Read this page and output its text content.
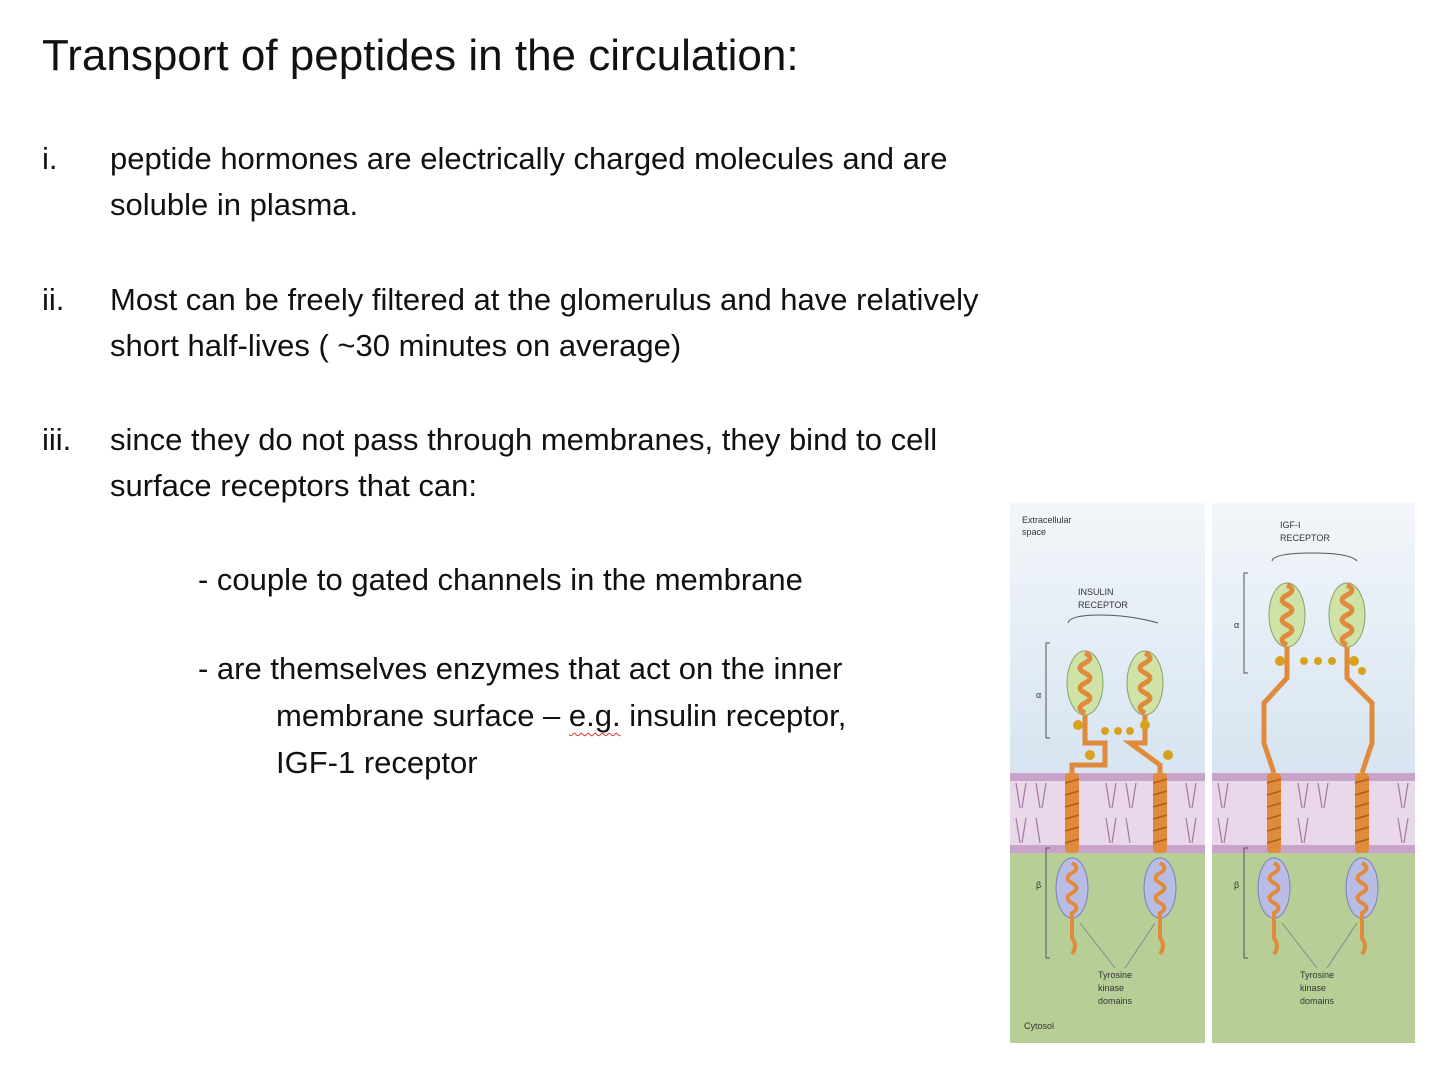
Transport of peptides in the circulation:
i.	peptide hormones are electrically charged molecules and are
soluble in plasma.
ii.	Most can be freely filtered at the glomerulus and have relatively
short half-lives ( ~30 minutes on average)
iii.	since they do not pass through membranes, they bind to cell
surface receptors that can:
- couple to gated channels in the membrane
- are themselves enzymes that act on the inner
membrane surface – e.g. insulin receptor,
IGF-1 receptor
Extracellular
space
INSULIN
RECEPTOR
α
β
Tyrosine
kinase
domains
Cytosol
IGF-I
RECEPTOR
α
β
Tyrosine
kinase
domains
